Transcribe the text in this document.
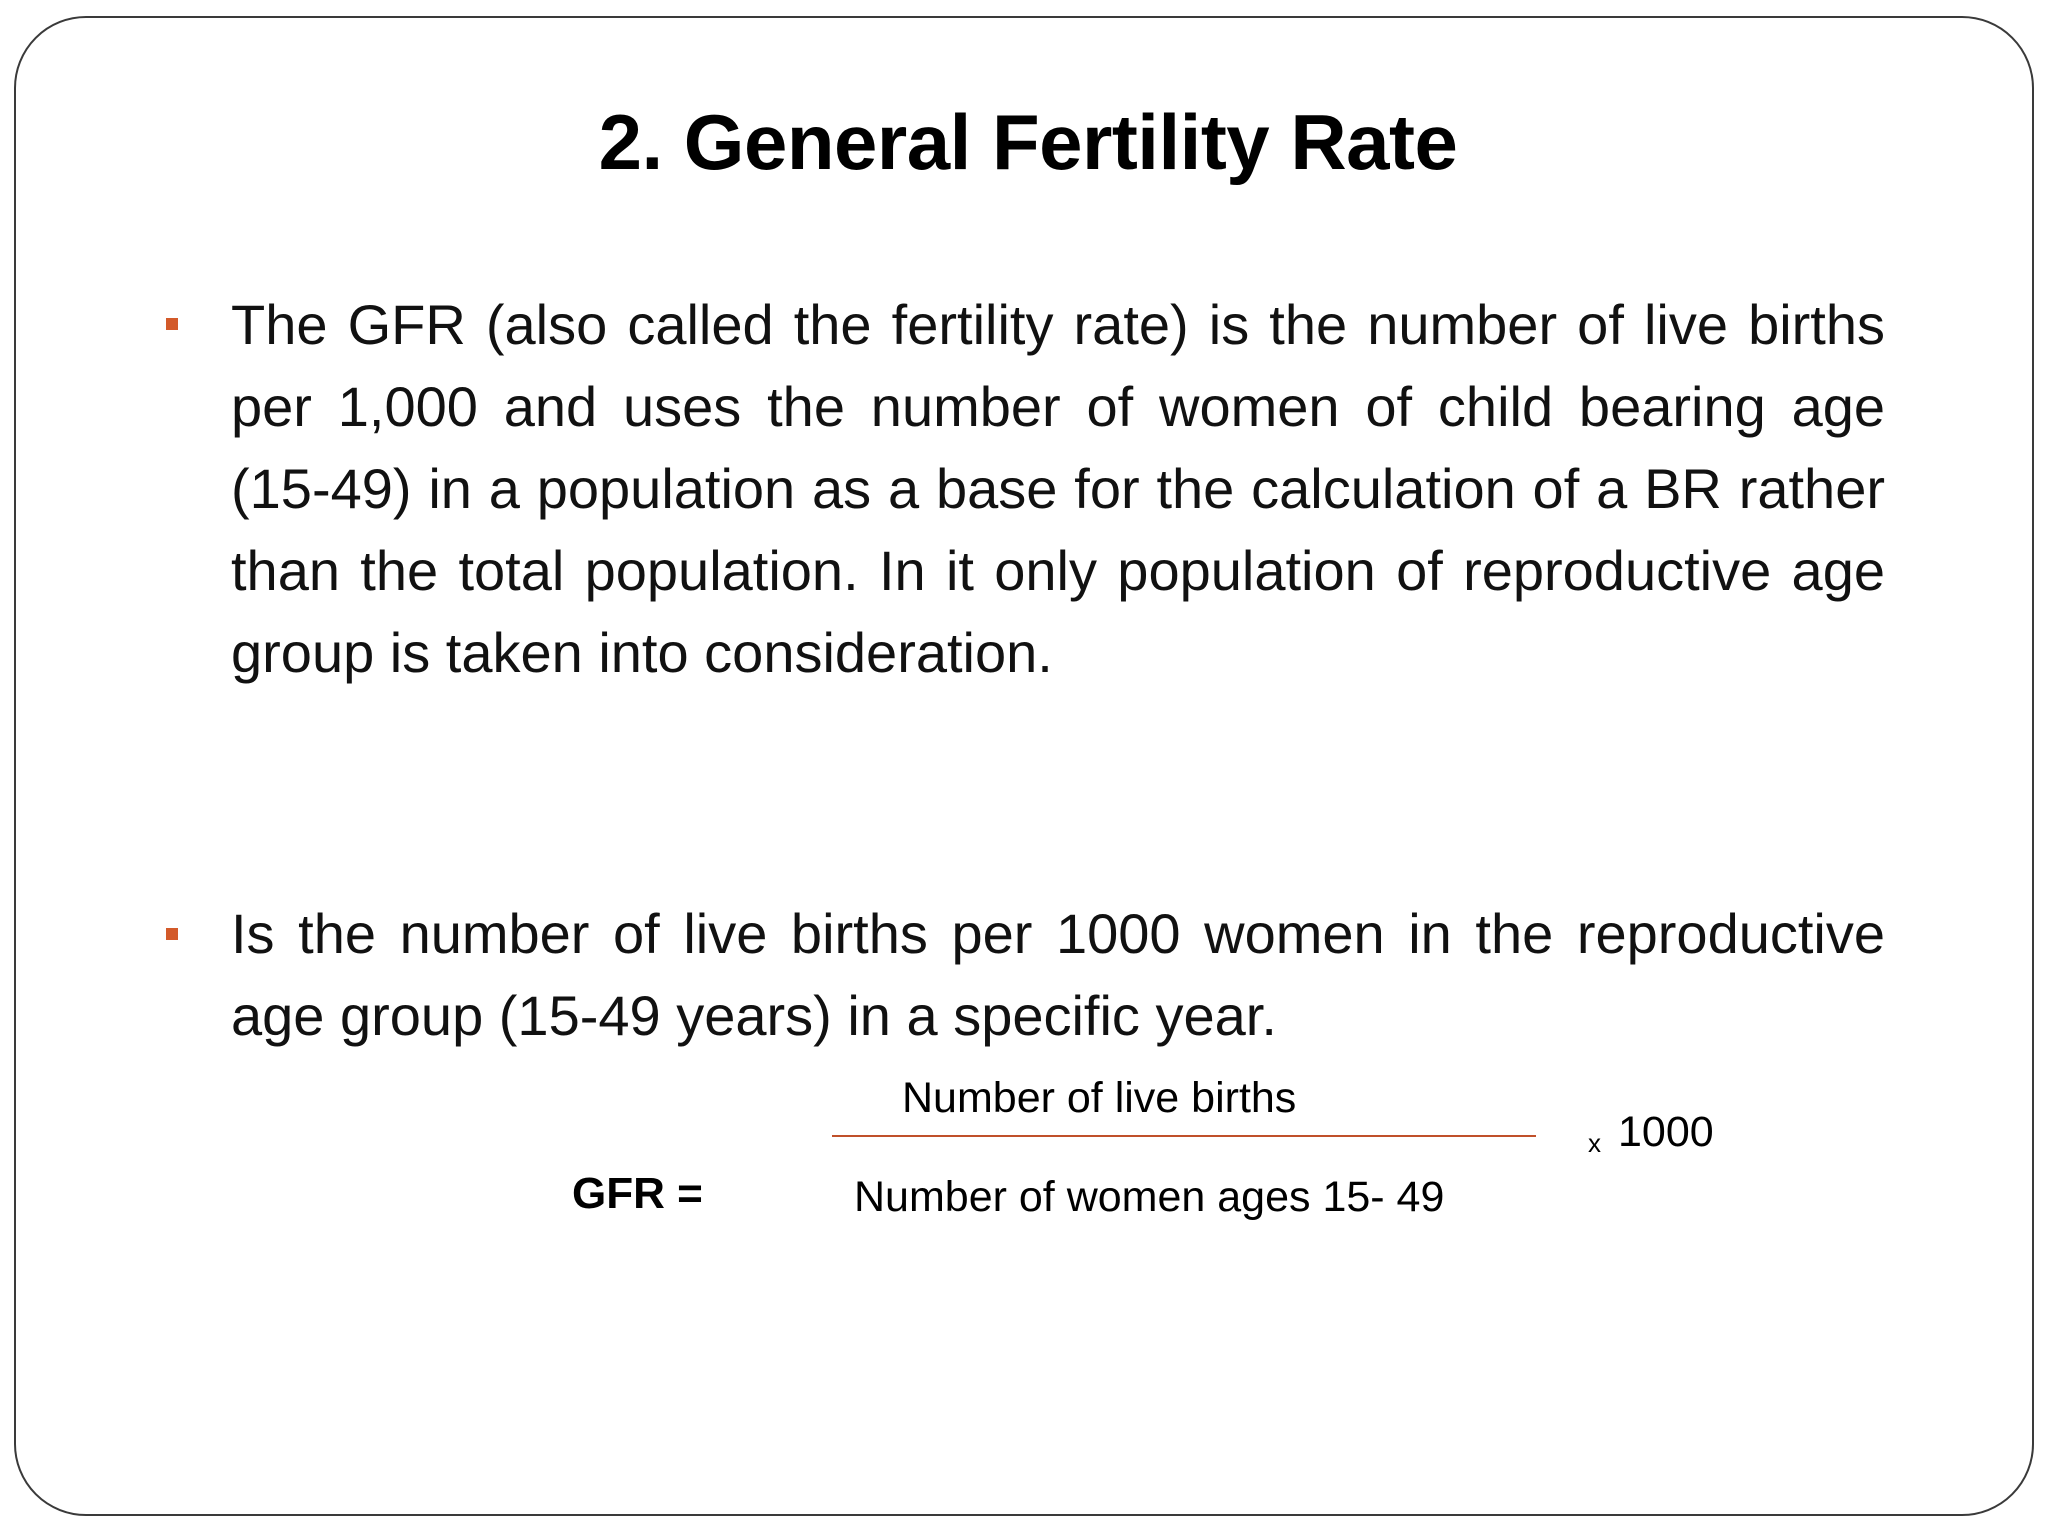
2. General Fertility Rate
The GFR (also called the fertility rate) is the number of live births per 1,000 and uses the number of women of child bearing age (15-49) in a population as a base for the calculation of a BR rather than the total population. In it only population of reproductive age group is taken into consideration.
Is the number of live births per 1000 women in the reproductive age group (15-49 years) in a specific year.
Number of live births
GFR =	Number of women ages 15- 49
x 1000
